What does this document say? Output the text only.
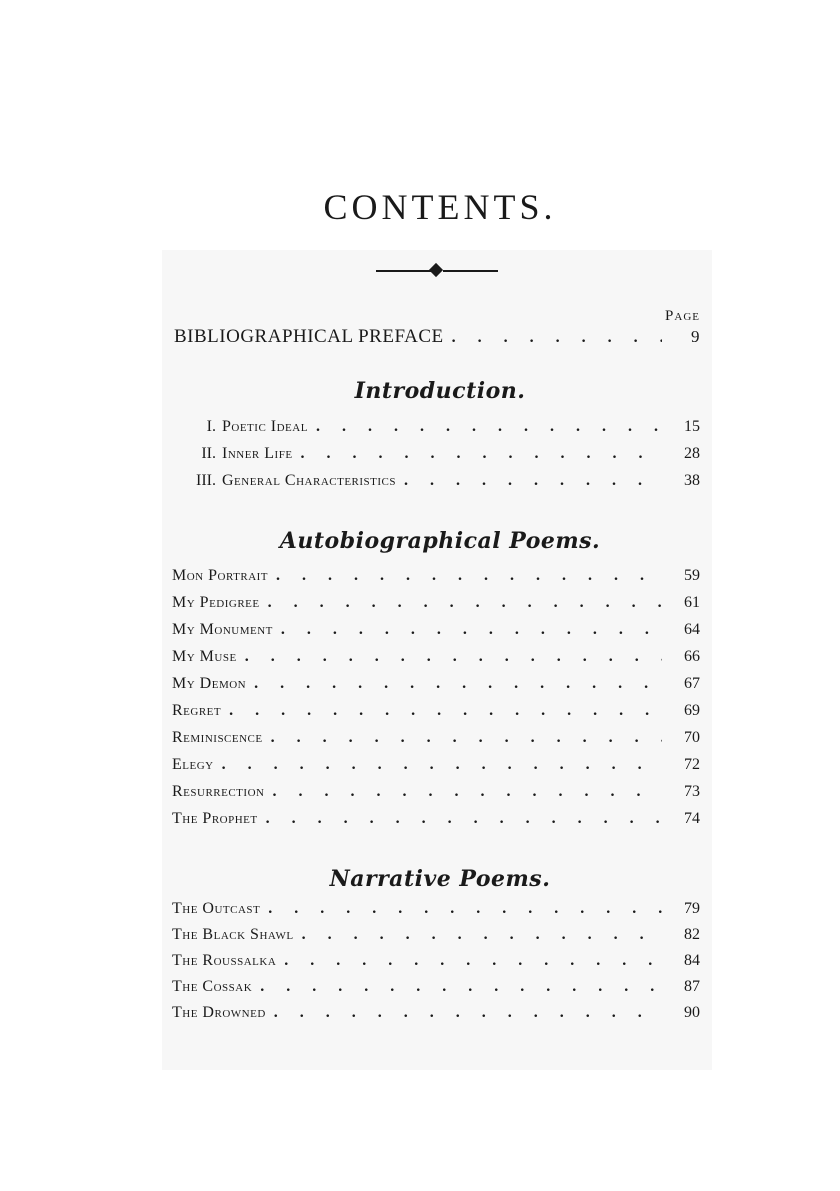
CONTENTS.
Page
BIBLIOGRAPHICAL PREFACE . . .	9
Introduction.
I. Poetic Ideal . . .	15
II. Inner Life . . .	28
III. General Characteristics . . .	38
Autobiographical Poems.
Mon Portrait . . .	59
My Pedigree . . .	61
My Monument . . .	64
My Muse . . .	66
My Demon . . .	67
Regret . . .	69
Reminiscence . . .	70
Elegy . . .	72
Resurrection . . .	73
The Prophet . . .	74
Narrative Poems.
The Outcast . . .	79
The Black Shawl . . .	82
The Roussalka . . .	84
The Cossak . . .	87
The Drowned . . .	90
